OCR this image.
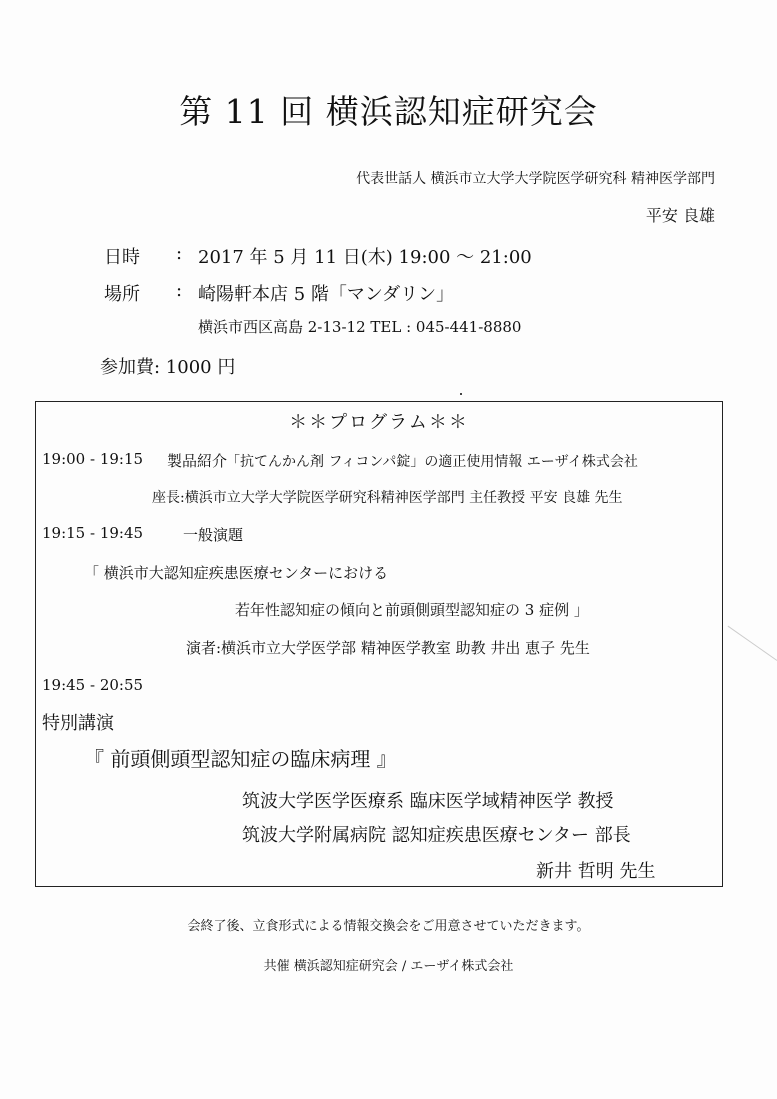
第 11 回 横浜認知症研究会
代表世話人 横浜市立大学大学院医学研究科 精神医学部門
平安 良雄
日時 : 2017 年 5 月 11 日(木) 19:00 ～ 21:00
場所 : 崎陽軒本店 5 階「マンダリン」
横浜市西区高島 2-13-12 TEL : 045-441-8880
参加費: 1000 円
＊＊プログラム＊＊
19:00 - 19:15 製品紹介
「抗てんかん剤 フィコンパ錠」の適正使用情報 エーザイ株式会社
座長:横浜市立大学大学院医学研究科精神医学部門 主任教授 平安 良雄 先生
19:15 - 19:45	一般演題
「 横浜市大認知症疾患医療センターにおける
若年性認知症の傾向と前頭側頭型認知症の 3 症例 」
演者:横浜市立大学医学部 精神医学教室 助教 井出 恵子 先生
19:45 - 20:55
特別講演
『 前頭側頭型認知症の臨床病理 』
筑波大学医学医療系 臨床医学域精神医学 教授
筑波大学附属病院 認知症疾患医療センター 部長
新井 哲明 先生
会終了後、立食形式による情報交換会をご用意させていただきます。
共催 横浜認知症研究会 / エーザイ株式会社
